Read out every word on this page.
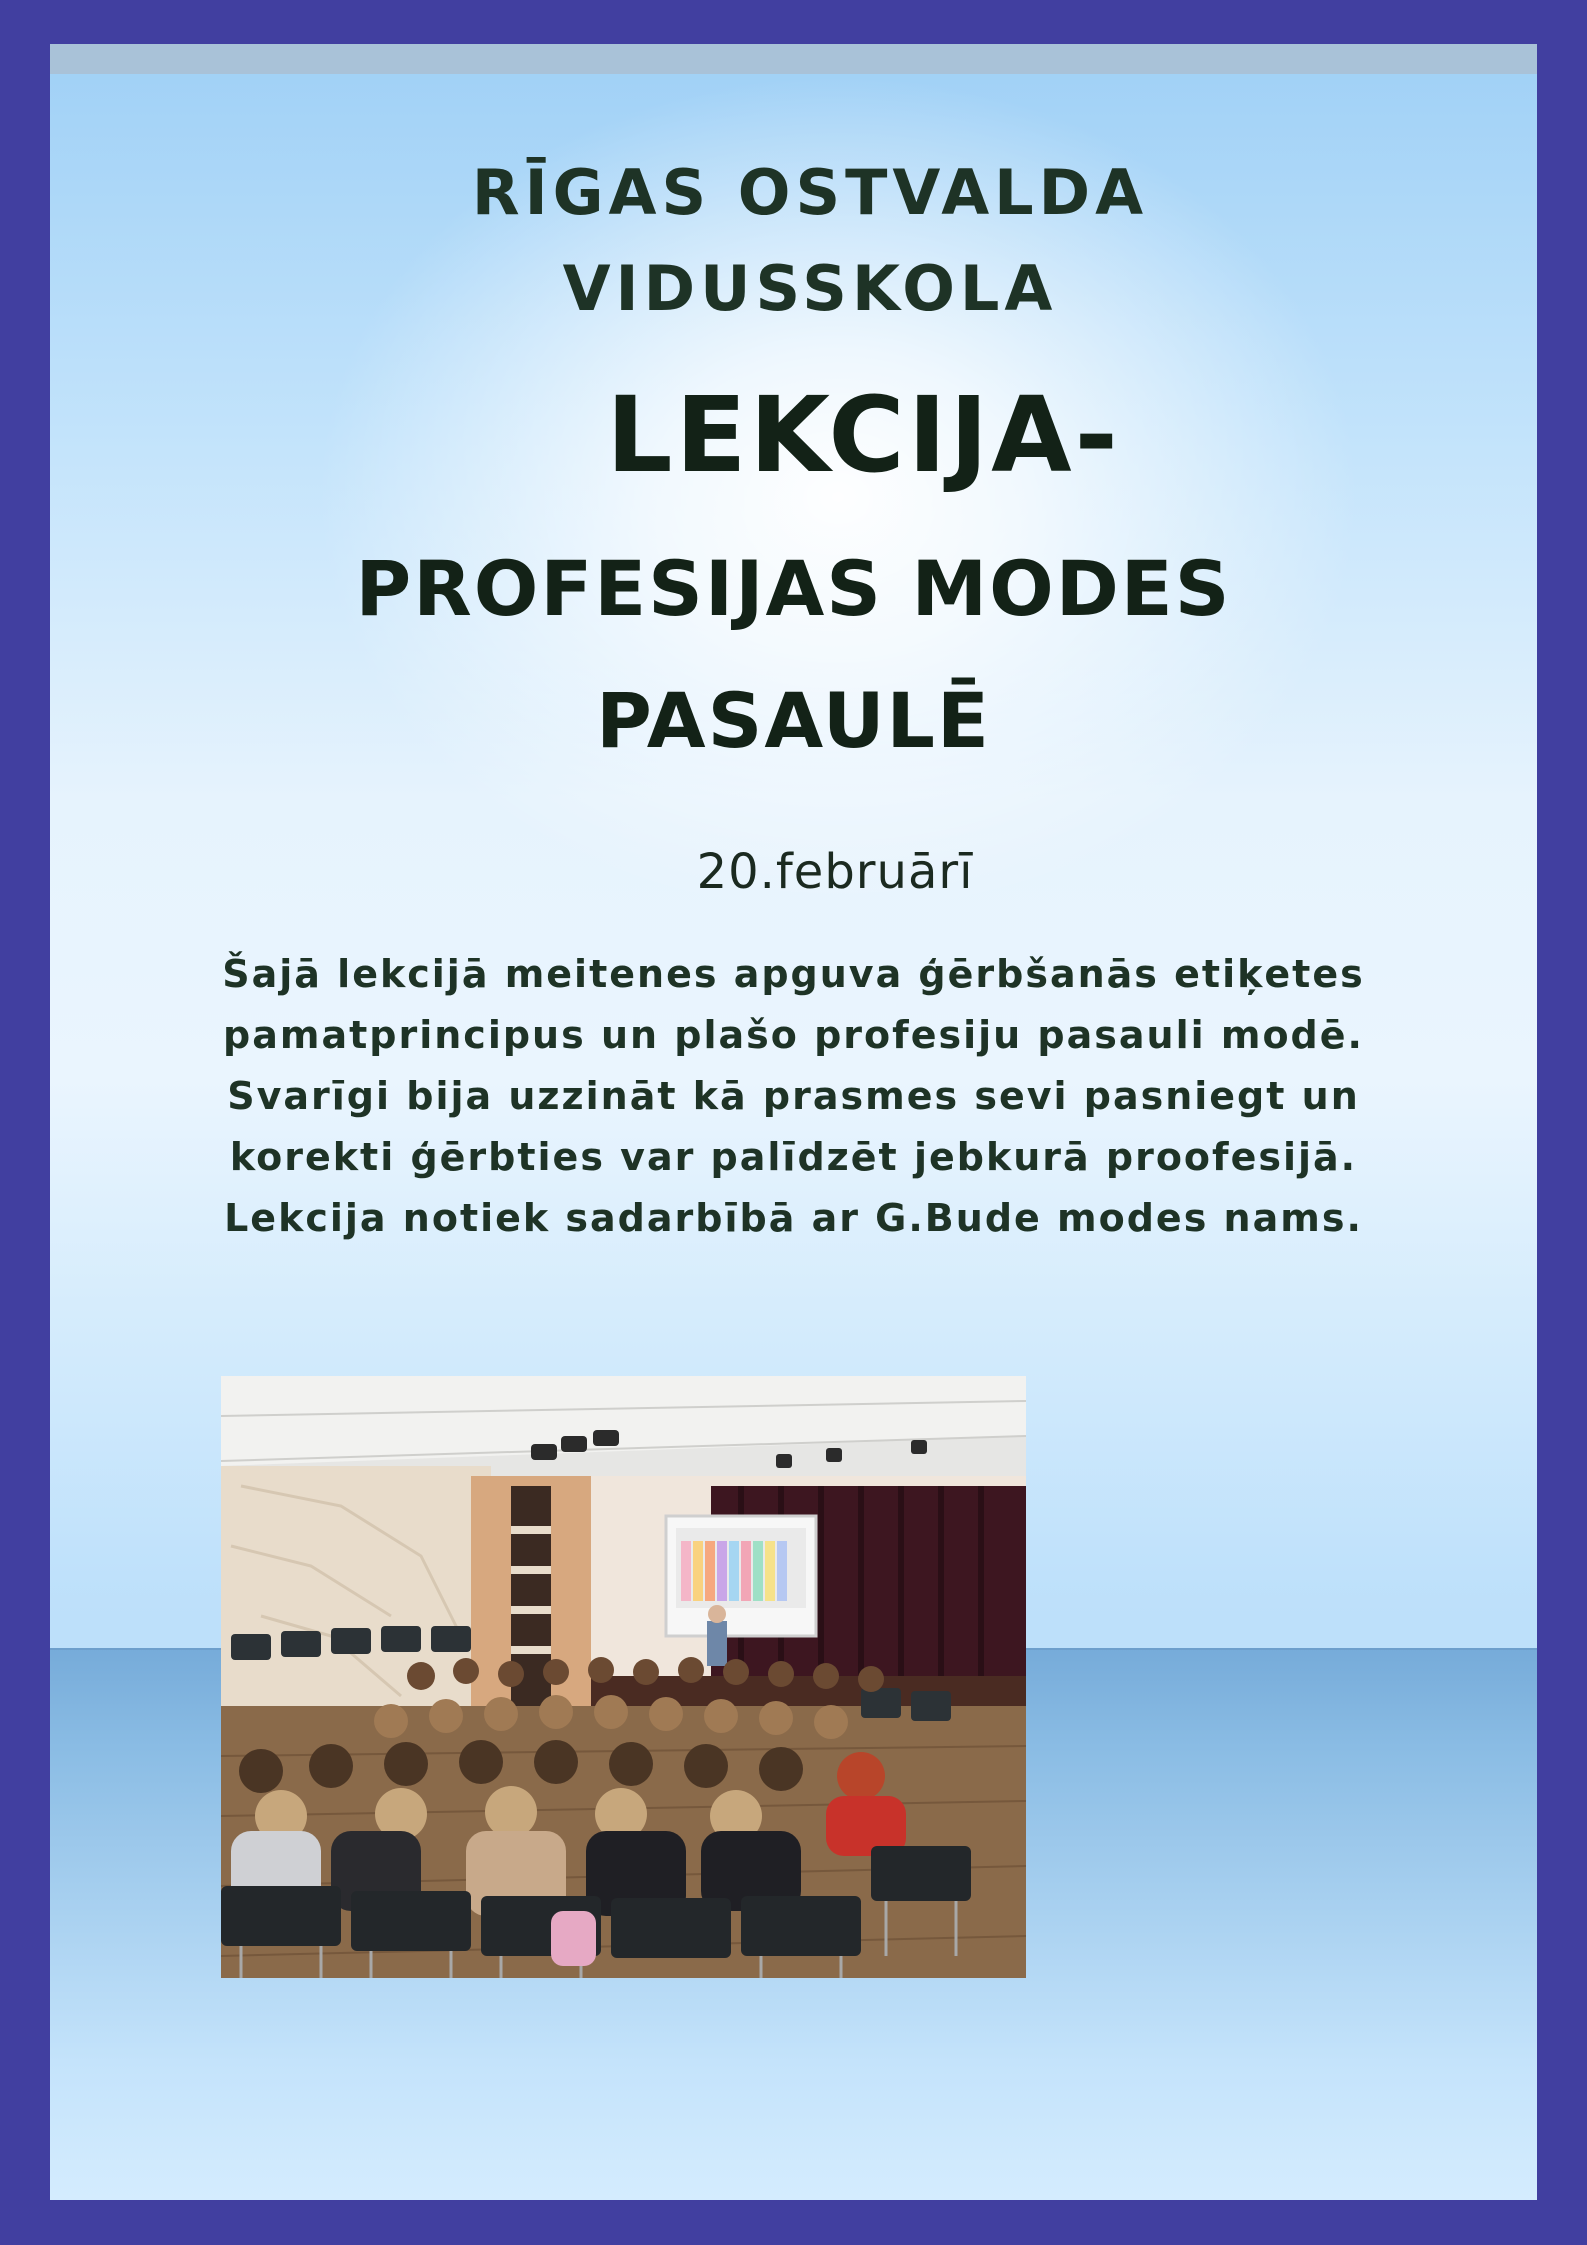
RĪGAS OSTVALDA
VIDUSSKOLA
LEKCIJA-
PROFESIJAS MODES
PASAULĒ
20.februārī
Šajā lekcijā meitenes apguva ģērbšanās etiķetes
pamatprincipus un plašo profesiju pasauli modē.
Svarīgi bija uzzināt kā prasmes sevi pasniegt un
korekti ģērbties var palīdzēt jebkurā proofesijā.
Lekcija notiek sadarbībā ar G.Bude modes nams.
